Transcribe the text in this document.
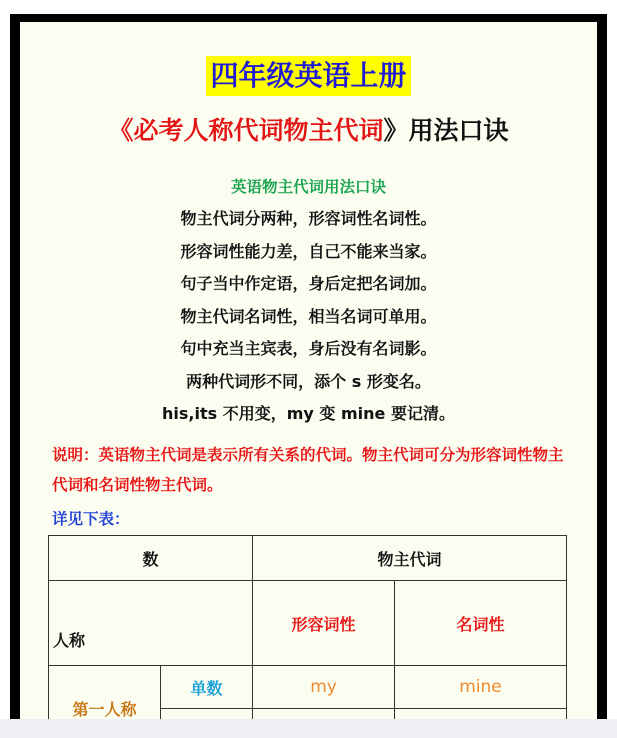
四年级英语上册
《必考人称代词物主代词》用法口诀
英语物主代词用法口诀

物主代词分两种，形容词性名词性。

形容词性能力差，自己不能来当家。

句子当中作定语，身后定把名词加。

物主代词名词性，相当名词可单用。

句中充当主宾表，身后没有名词影。

两种代词形不同，添个 s 形变名。

his,its 不用变，my 变 mine 要记清。

说明：英语物主代词是表示所有关系的代词。物主代词可分为形容词性物主代词和名词性物主代词。
详见下表：
数		物主代词	
人称		形容词性	名词性
第一人称	单数	my	mine
